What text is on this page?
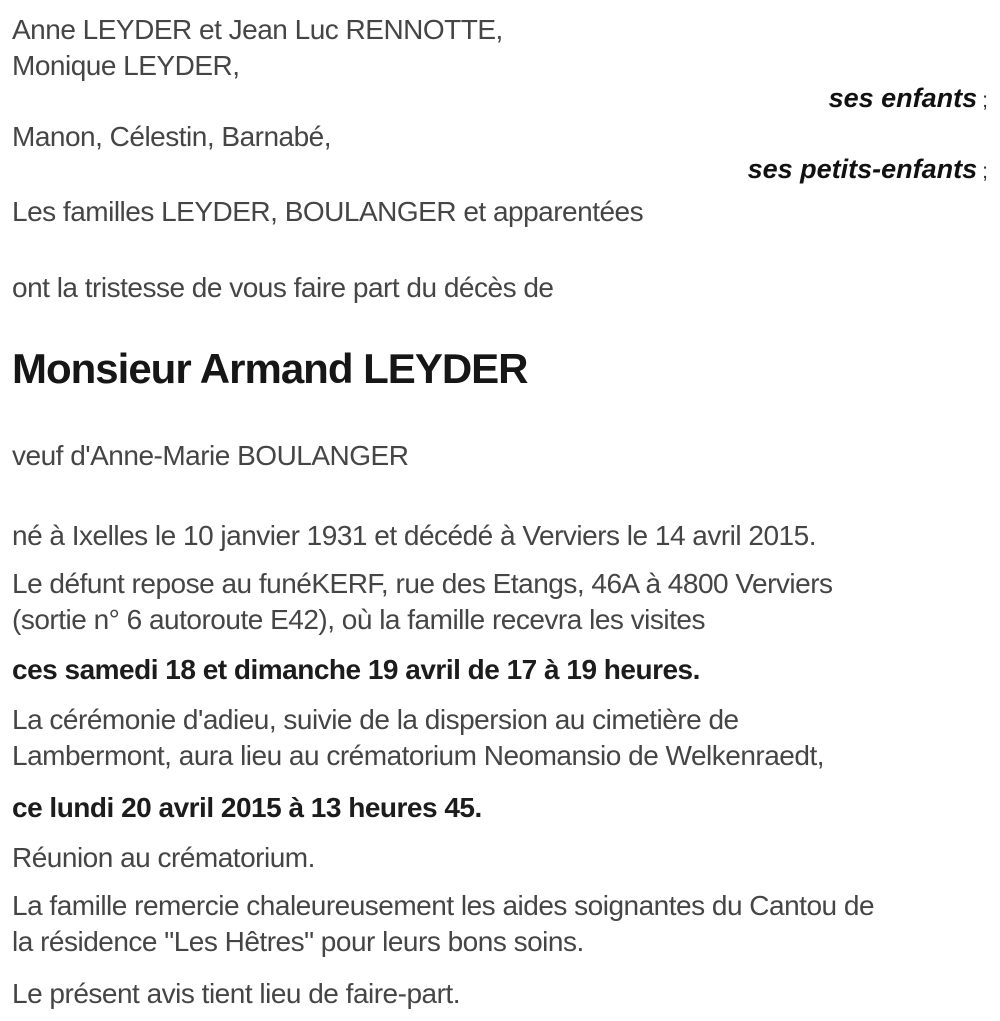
Anne LEYDER et Jean Luc RENNOTTE,

Monique LEYDER,

ses enfants ;

Manon, Célestin, Barnabé,

ses petits-enfants ;

Les familles LEYDER, BOULANGER et apparentées

ont la tristesse de vous faire part du décès de

Monsieur Armand LEYDER

veuf d'Anne-Marie BOULANGER

né à Ixelles le 10 janvier 1931 et décédé à Verviers le 14 avril 2015.

Le défunt repose au funéKERF, rue des Etangs, 46A à 4800 Verviers

(sortie n° 6 autoroute E42), où la famille recevra les visites

ces samedi 18 et dimanche 19 avril de 17 à 19 heures.

La cérémonie d'adieu, suivie de la dispersion au cimetière de

Lambermont, aura lieu au crématorium Neomansio de Welkenraedt,

ce lundi 20 avril 2015 à 13 heures 45.

Réunion au crématorium.

La famille remercie chaleureusement les aides soignantes du Cantou de

la résidence "Les Hêtres" pour leurs bons soins.

Le présent avis tient lieu de faire-part.
